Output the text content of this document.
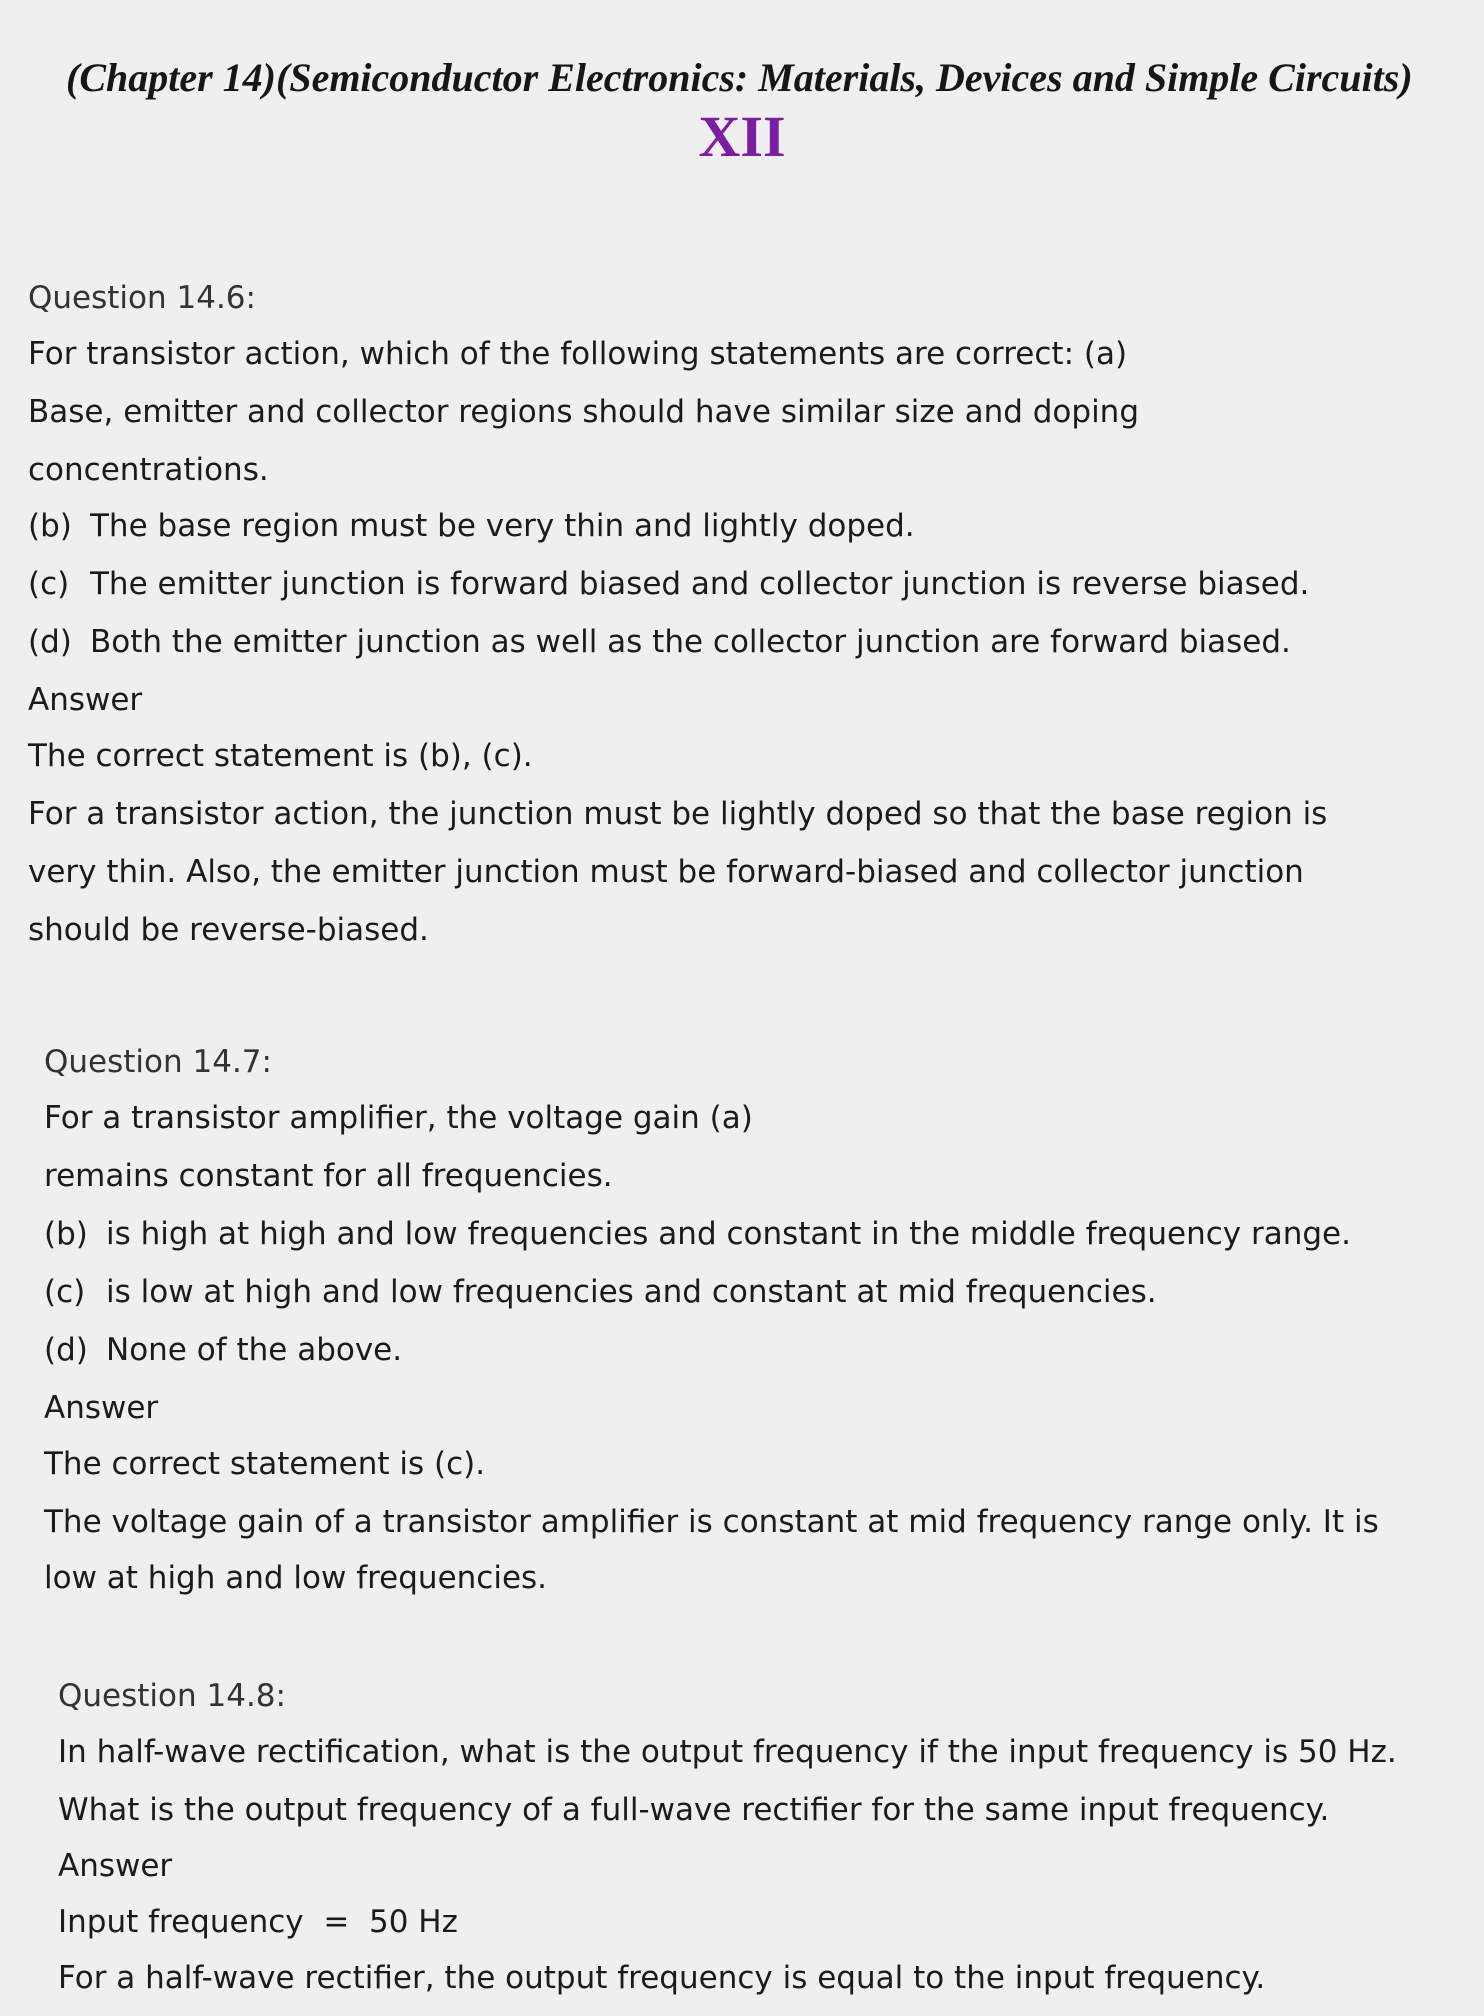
(Chapter 14)(Semiconductor Electronics: Materials, Devices and Simple Circuits)
XII
Question 14.6:
For transistor action, which of the following statements are correct: (a)
Base, emitter and collector regions should have similar size and doping
concentrations.
(b) The base region must be very thin and lightly doped.
(c) The emitter junction is forward biased and collector junction is reverse biased.
(d) Both the emitter junction as well as the collector junction are forward biased.
Answer
The correct statement is (b), (c).
For a transistor action, the junction must be lightly doped so that the base region is
very thin. Also, the emitter junction must be forward-biased and collector junction
should be reverse-biased.
Question 14.7:
For a transistor amplifier, the voltage gain (a)
remains constant for all frequencies.
(b) is high at high and low frequencies and constant in the middle frequency range.
(c) is low at high and low frequencies and constant at mid frequencies.
(d) None of the above.
Answer
The correct statement is (c).
The voltage gain of a transistor amplifier is constant at mid frequency range only. It is
low at high and low frequencies.
Question 14.8:
In half-wave rectification, what is the output frequency if the input frequency is 50 Hz.
What is the output frequency of a full-wave rectifier for the same input frequency.
Answer
Input frequency  =  50 Hz
For a half-wave rectifier, the output frequency is equal to the input frequency.
